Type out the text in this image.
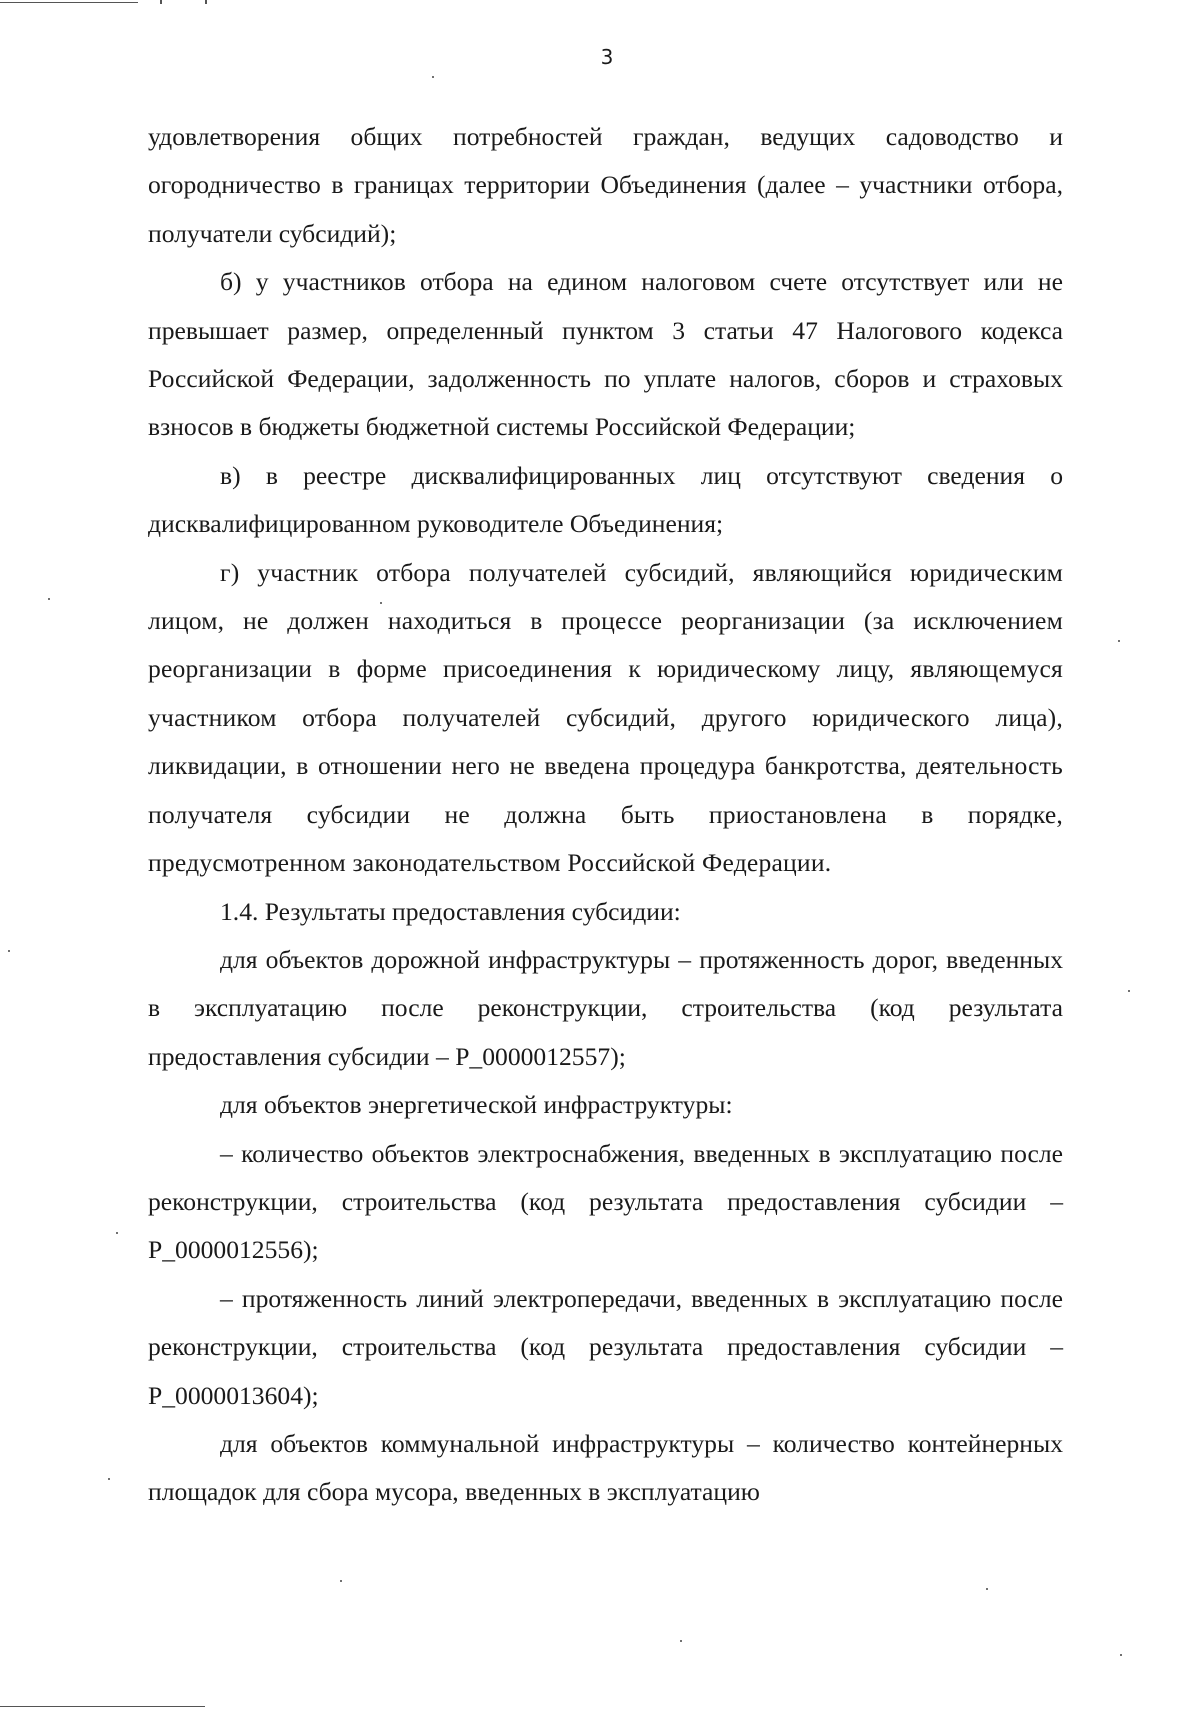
3

удовлетворения общих потребностей граждан, ведущих садоводство и огородничество в границах территории Объединения (далее – участники отбора, получатели субсидий);

б) у участников отбора на едином налоговом счете отсутствует или не превышает размер, определенный пунктом 3 статьи 47 Налогового кодекса Российской Федерации, задолженность по уплате налогов, сборов и страховых взносов в бюджеты бюджетной системы Российской Федерации;

в) в реестре дисквалифицированных лиц отсутствуют сведения о дисквалифицированном руководителе Объединения;

г) участник отбора получателей субсидий, являющийся юридическим лицом, не должен находиться в процессе реорганизации (за исключением реорганизации в форме присоединения к юридическому лицу, являющемуся участником отбора получателей субсидий, другого юридического лица), ликвидации, в отношении него не введена процедура банкротства, деятельность получателя субсидии не должна быть приостановлена в порядке, предусмотренном законодательством Российской Федерации.

1.4. Результаты предоставления субсидии:

для объектов дорожной инфраструктуры – протяженность дорог, введенных в эксплуатацию после реконструкции, строительства (код результата предоставления субсидии – Р_0000012557);

для объектов энергетической инфраструктуры:

– количество объектов электроснабжения, введенных в эксплуатацию после реконструкции, строительства (код результата предоставления субсидии – Р_0000012556);

– протяженность линий электропередачи, введенных в эксплуатацию после реконструкции, строительства (код результата предоставления субсидии – Р_0000013604);

для объектов коммунальной инфраструктуры – количество контейнерных площадок для сбора мусора, введенных в эксплуатацию
